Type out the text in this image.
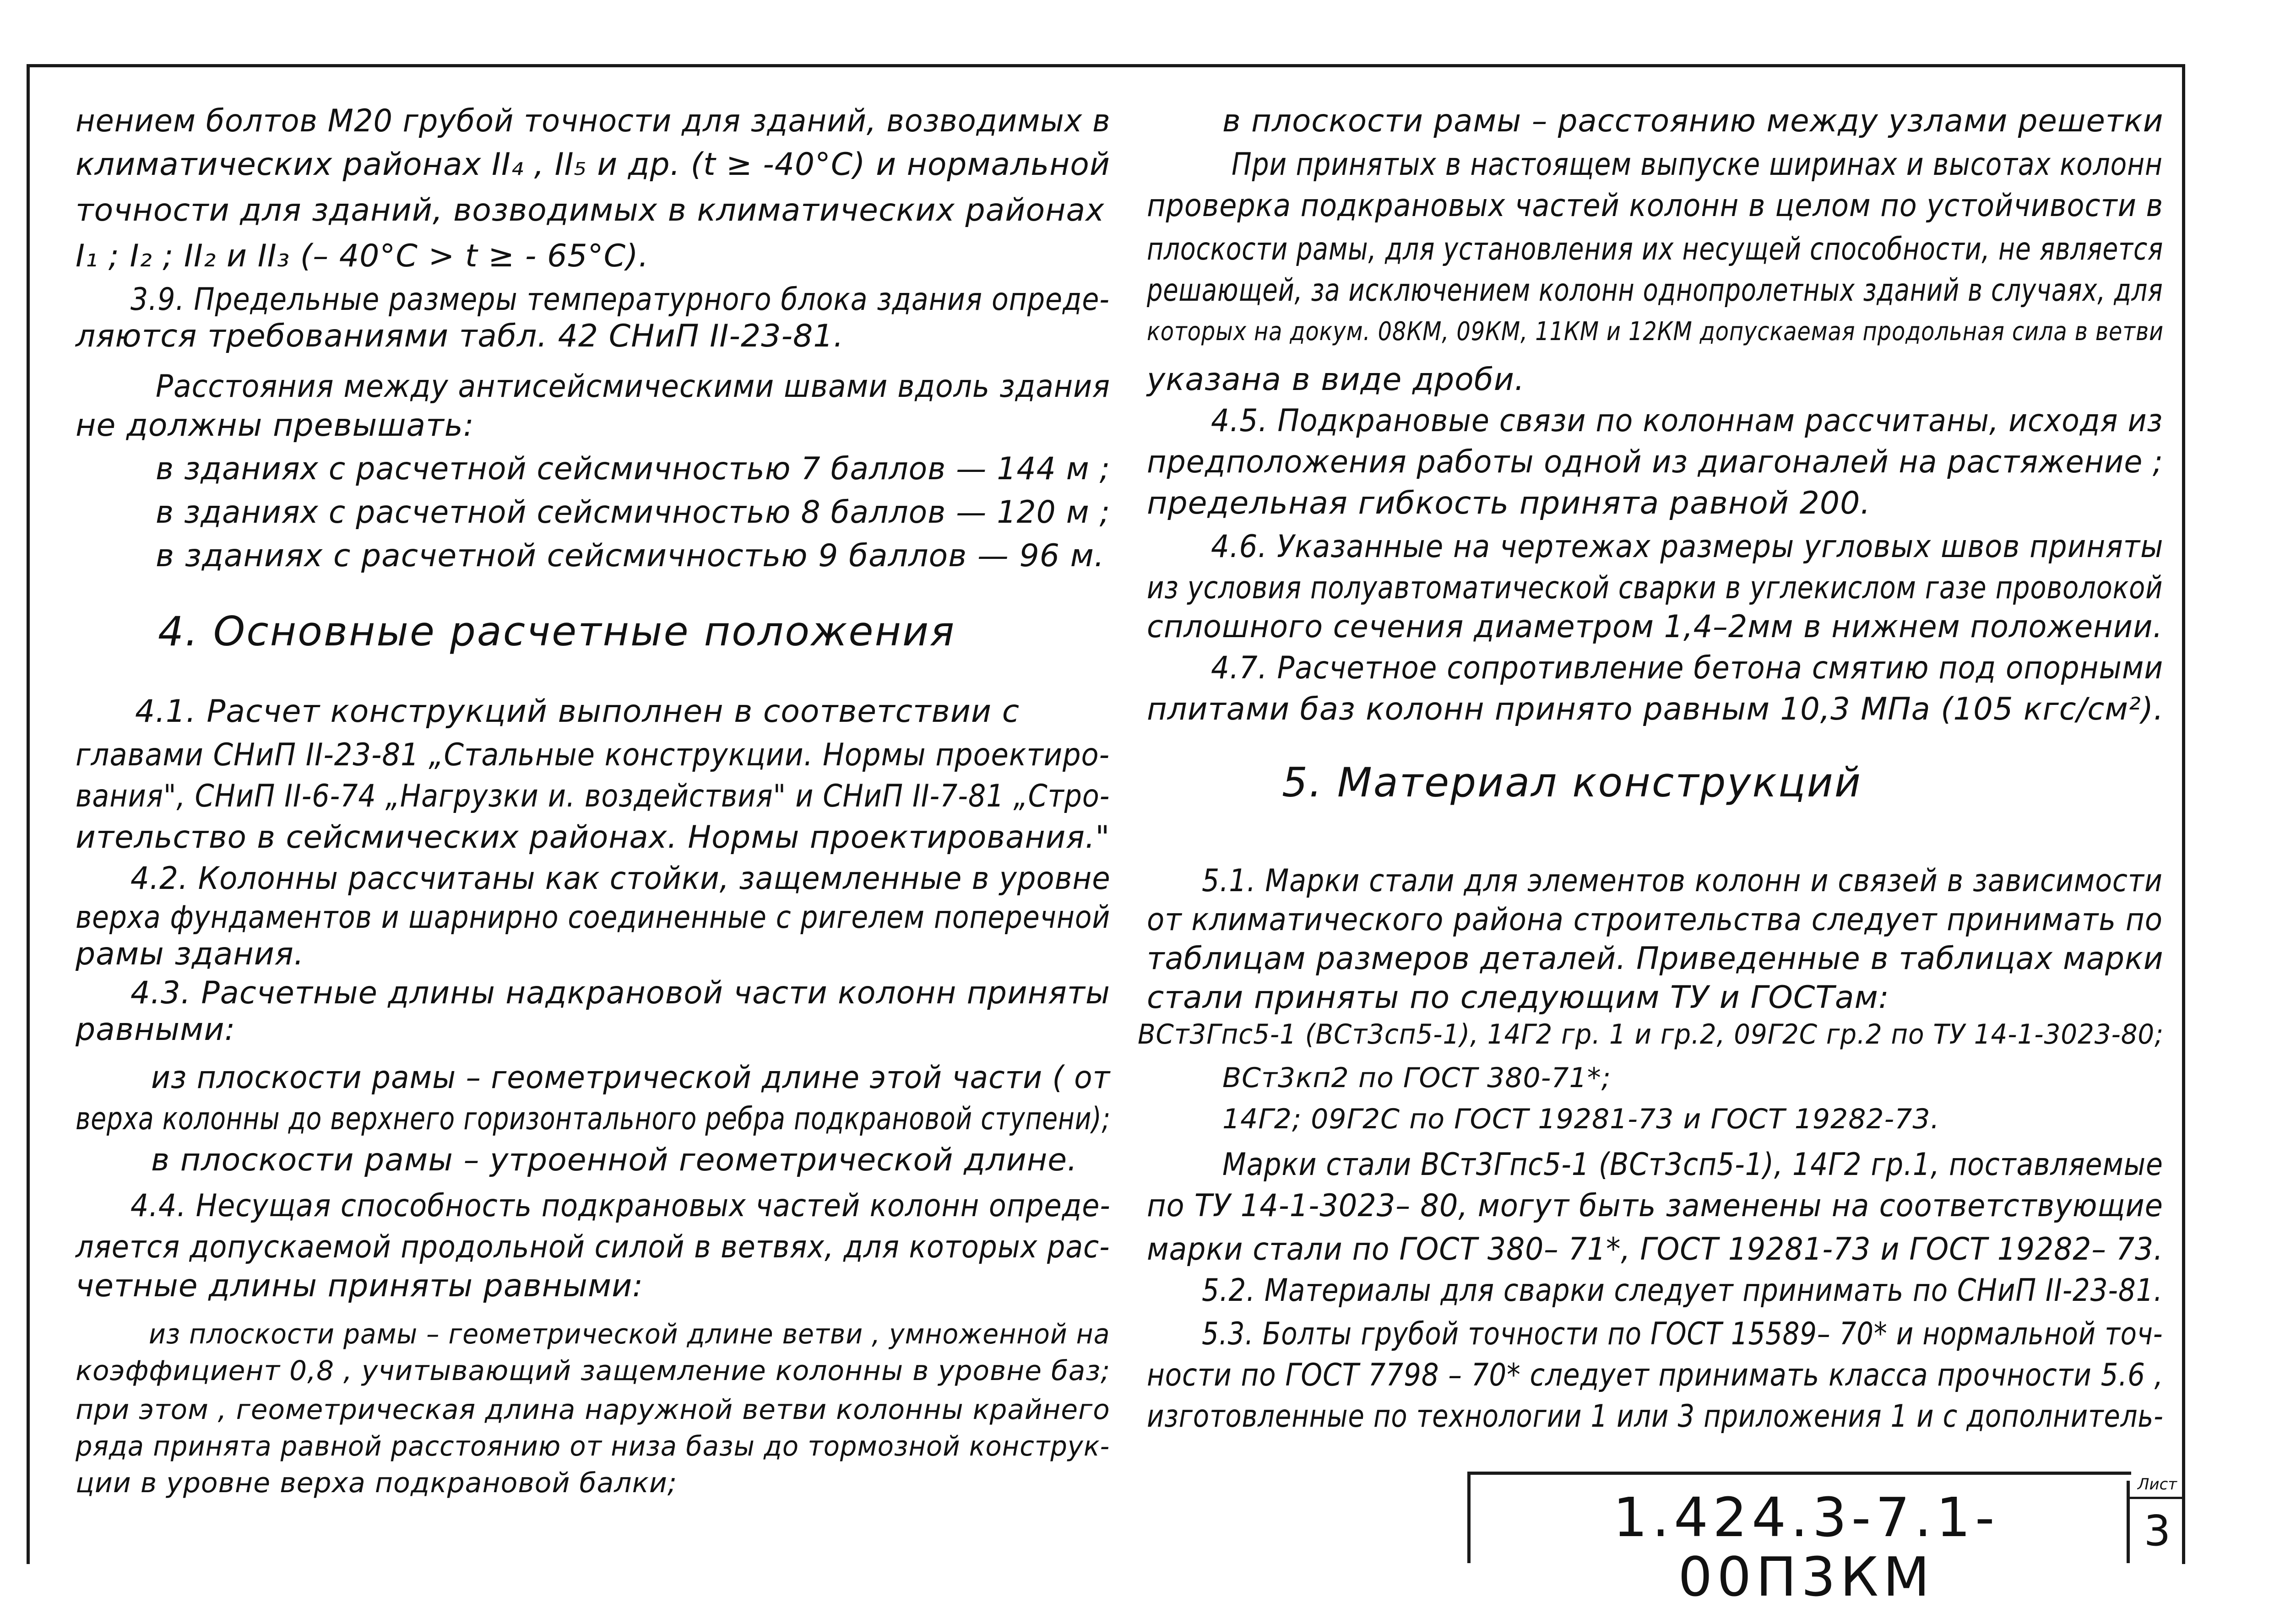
нением болтов М20 грубой точности для зданий, возводимых в
климатических районах II₄ , II₅ и др. (t ≥ -40°C) и нормальной
точности для зданий, возводимых в климатических районах
I₁ ; I₂ ; II₂ и II₃ (– 40°C > t ≥ - 65°C).
3.9. Предельные размеры температурного блока здания опреде-
ляются требованиями табл. 42 СНиП II-23-81.
Расстояния между антисейсмическими швами вдоль здания
не должны превышать:
в зданиях с расчетной сейсмичностью 7 баллов — 144 м ;
в зданиях с расчетной сейсмичностью 8 баллов — 120 м ;
в зданиях с расчетной сейсмичностью 9 баллов — 96 м.
4. Основные расчетные положения
4.1. Расчет конструкций выполнен в соответствии с
главами СНиП II-23-81 „Стальные конструкции. Нормы проектиро-
вания", СНиП II-6-74 „Нагрузки и. воздействия" и СНиП II-7-81 „Стро-
ительство в сейсмических районах. Нормы проектирования."
4.2. Колонны рассчитаны как стойки, защемленные в уровне
верха фундаментов и шарнирно соединенные с ригелем поперечной
рамы здания.
4.3. Расчетные длины надкрановой части колонн приняты
равными:
из плоскости рамы – геометрической длине этой части ( от
верха колонны до верхнего горизонтального ребра подкрановой ступени);
в плоскости рамы – утроенной геометрической длине.
4.4. Несущая способность подкрановых частей колонн опреде-
ляется допускаемой продольной силой в ветвях, для которых рас-
четные длины приняты равными:
из плоскости рамы – геометрической длине ветви , умноженной на
коэффициент 0,8 , учитывающий защемление колонны в уровне баз;
при этом , геометрическая длина наружной ветви колонны крайнего
ряда принята равной расстоянию от низа базы до тормозной конструк-
ции в уровне верха подкрановой балки;
в плоскости рамы – расстоянию между узлами решетки
При принятых в настоящем выпуске ширинах и высотах колонн
проверка подкрановых частей колонн в целом по устойчивости в
плоскости рамы, для установления их несущей способности, не является
решающей, за исключением колонн однопролетных зданий в случаях, для
которых на докум. 08КМ, 09КМ, 11КМ и 12КМ допускаемая продольная сила в ветви
указана в виде дроби.
4.5. Подкрановые связи по колоннам рассчитаны, исходя из
предположения работы одной из диагоналей на растяжение ;
предельная гибкость принята равной 200.
4.6. Указанные на чертежах размеры угловых швов приняты
из условия полуавтоматической сварки в углекислом газе проволокой
сплошного сечения диаметром 1,4–2мм в нижнем положении.
4.7. Расчетное сопротивление бетона смятию под опорными
плитами баз колонн принято равным 10,3 МПа (105 кгс/см²).
5. Материал конструкций
5.1. Марки стали для элементов колонн и связей в зависимости
от климатического района строительства следует принимать по
таблицам размеров деталей. Приведенные в таблицах марки
стали приняты по следующим ТУ и ГОСТам:
ВСт3Гпс5-1 (ВСт3сп5-1), 14Г2 гр. 1 и гр.2, 09Г2С гр.2 по ТУ 14-1-3023-80;
ВСт3кп2 по ГОСТ 380-71*;
14Г2; 09Г2С по ГОСТ 19281-73 и ГОСТ 19282-73.
Марки стали ВСт3Гпс5-1 (ВСт3сп5-1), 14Г2 гр.1, поставляемые
по ТУ 14-1-3023– 80, могут быть заменены на соответствующие
марки стали по ГОСТ 380– 71*, ГОСТ 19281-73 и ГОСТ 19282– 73.
5.2. Материалы для сварки следует принимать по СНиП II-23-81.
5.3. Болты грубой точности по ГОСТ 15589– 70* и нормальной точ-
ности по ГОСТ 7798 – 70* следует принимать класса прочности 5.6 ,
изготовленные по технологии 1 или 3 приложения 1 и с дополнитель-
1.424.3-7.1-00П3КМ
Лист
3
